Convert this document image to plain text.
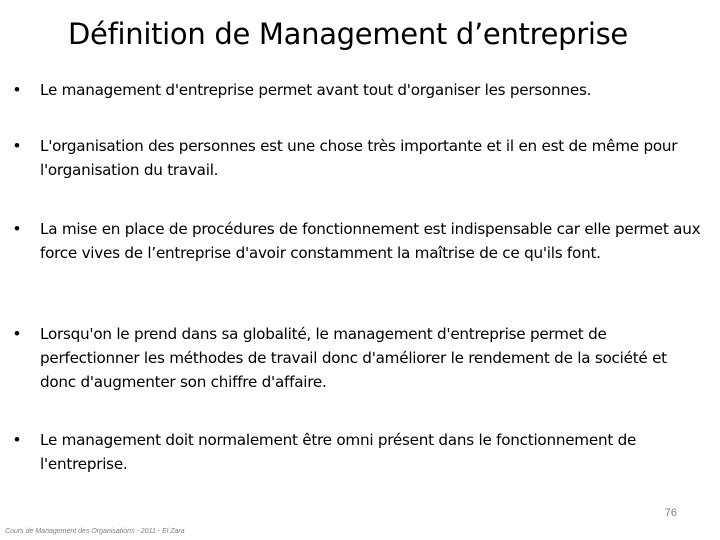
Définition de Management d’entreprise
•	Le management d'entreprise permet avant tout d'organiser les personnes.
•	L'organisation des personnes est une chose très importante et il en est de même pour l'organisation du travail.
•	La mise en place de procédures de fonctionnement est indispensable car elle permet aux force vives de l’entreprise d'avoir constamment la maîtrise de ce qu'ils font.
•	Lorsqu'on le prend dans sa globalité, le management d'entreprise permet de perfectionner les méthodes de travail donc d'améliorer le rendement de la société et donc d'augmenter son chiffre d'affaire.
•	Le management doit normalement être omni présent dans le fonctionnement de l'entreprise.
76
Cours de Management des Organisations - 2011 - El Zara
